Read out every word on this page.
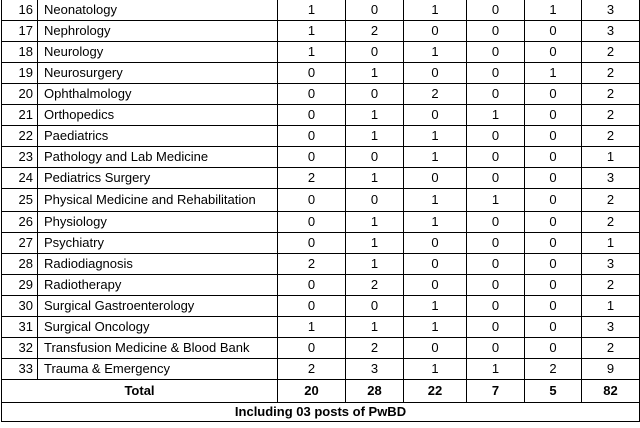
16	Neonatology	1	0	1	0	1	3
17	Nephrology	1	2	0	0	0	3
18	Neurology	1	0	1	0	0	2
19	Neurosurgery	0	1	0	0	1	2
20	Ophthalmology	0	0	2	0	0	2
21	Orthopedics	0	1	0	1	0	2
22	Paediatrics	0	1	1	0	0	2
23	Pathology and Lab Medicine	0	0	1	0	0	1
24	Pediatrics Surgery	2	1	0	0	0	3
25	Physical Medicine and Rehabilitation	0	0	1	1	0	2
26	Physiology	0	1	1	0	0	2
27	Psychiatry	0	1	0	0	0	1
28	Radiodiagnosis	2	1	0	0	0	3
29	Radiotherapy	0	2	0	0	0	2
30	Surgical Gastroenterology	0	0	1	0	0	1
31	Surgical Oncology	1	1	1	0	0	3
32	Transfusion Medicine & Blood Bank	0	2	0	0	0	2
33	Trauma & Emergency	2	3	1	1	2	9
Total		20	28	22	7	5	82
Including 03 posts of PwBD							
